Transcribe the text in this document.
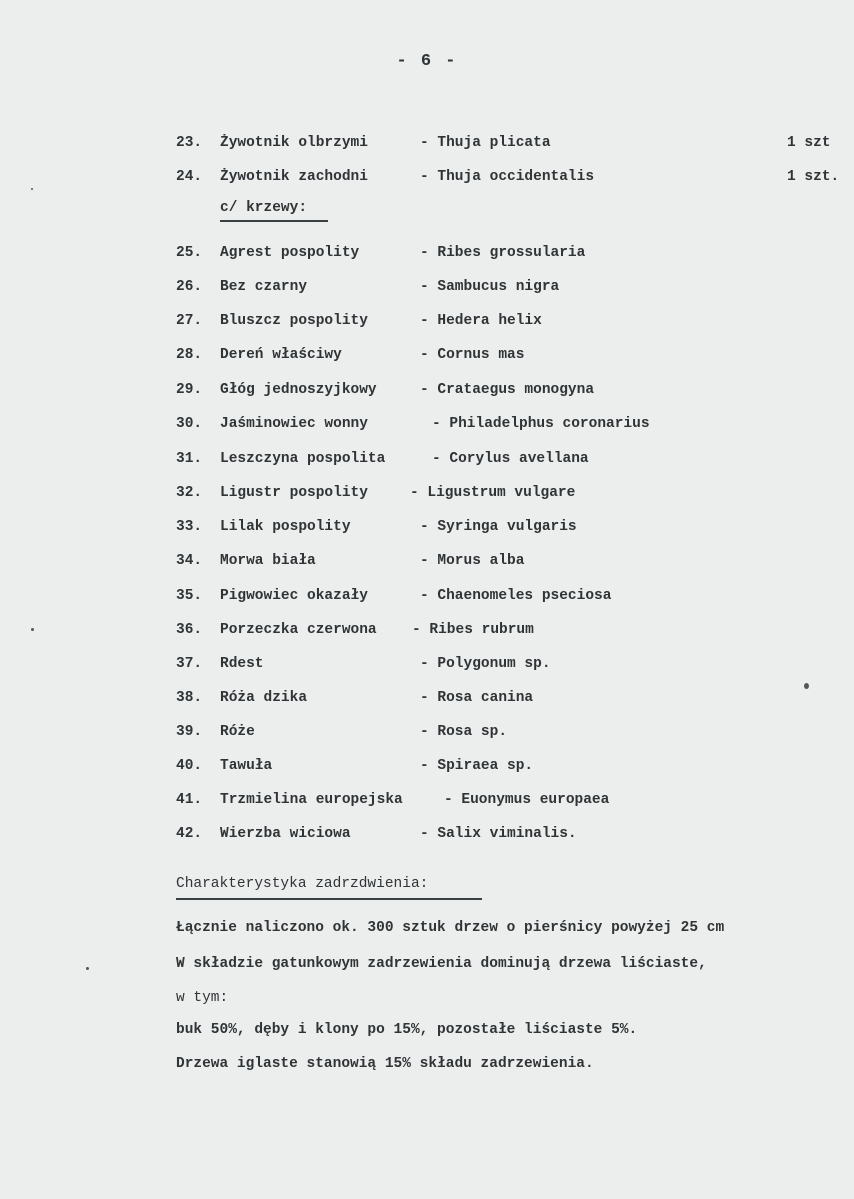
- 6 -
23. Żywotnik olbrzymi	- Thuja plicata	1 szt
24. Żywotnik zachodni	- Thuja occidentalis	1 szt.
c/ krzewy:
25. Agrest pospolity	- Ribes grossularia
26. Bez czarny	- Sambucus nigra
27. Bluszcz pospolity	- Hedera helix
28. Dereń właściwy	- Cornus mas
29. Głóg jednoszyjkowy	- Crataegus monogyna
30. Jaśminowiec wonny	- Philadelphus coronarius
31. Leszczyna pospolita	- Corylus avellana
32. Ligustr pospolity	- Ligustrum vulgare
33. Lilak pospolity	- Syringa vulgaris
34. Morwa biała	- Morus alba
35. Pigwowiec okazały	- Chaenomeles pseciosa
36. Porzeczka czerwona - Ribes rubrum
37. Rdest	- Polygonum sp.
38. Róża dzika	- Rosa canina
39. Róże	- Rosa sp.
40. Tawuła	- Spiraea sp.
41. Trzmielina europejska	- Euonymus europaea
42. Wierzba wiciowa	- Salix viminalis.
Charakterystyka zadrzdwienia:
Łącznie naliczono ok. 300 sztuk drzew o pierśnicy powyżej 25 cm
W składzie gatunkowym zadrzewienia dominują drzewa liściaste,
w tym:
buk 50%, dęby i klony po 15%, pozostałe liściaste 5%.
Drzewa iglaste stanowią 15% składu zadrzewienia.
